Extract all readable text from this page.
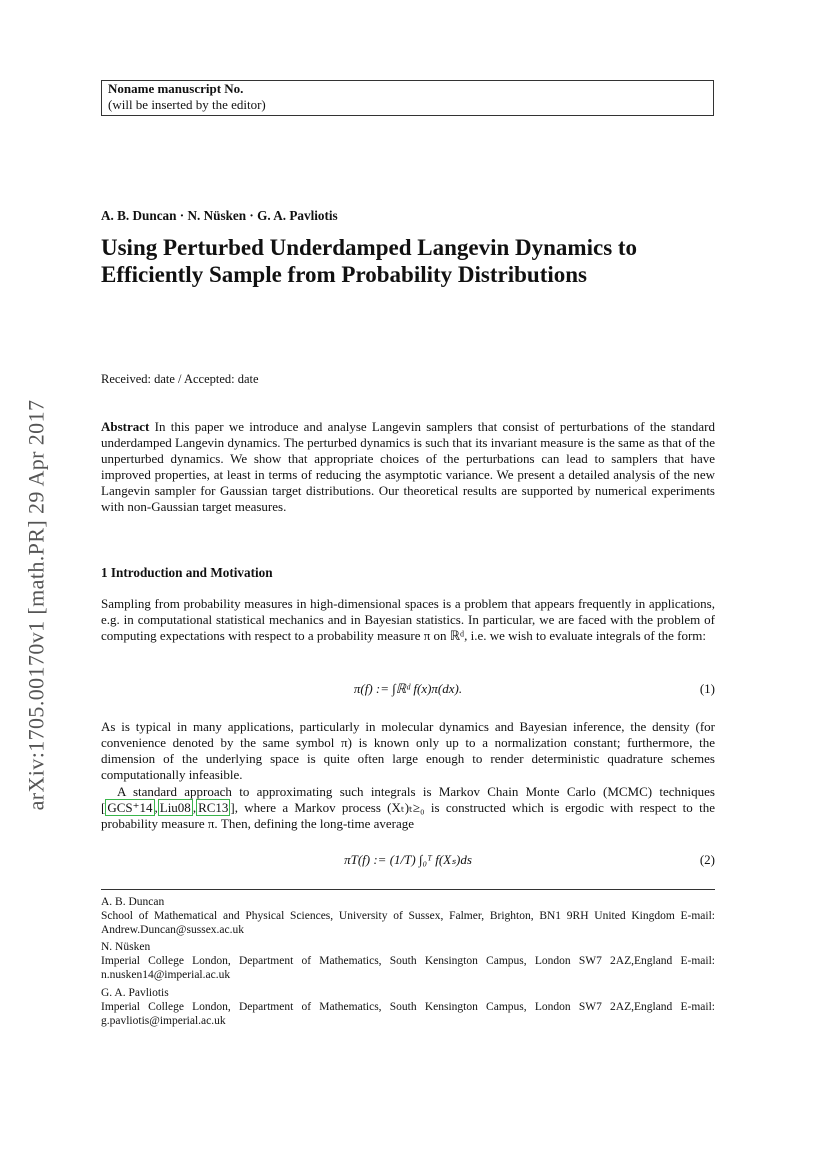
arXiv:1705.00170v1 [math.PR] 29 Apr 2017
Noname manuscript No.
(will be inserted by the editor)
A. B. Duncan · N. Nüsken · G. A. Pavliotis
Using Perturbed Underdamped Langevin Dynamics to Efficiently Sample from Probability Distributions
Received: date / Accepted: date
Abstract In this paper we introduce and analyse Langevin samplers that consist of perturbations of the standard underdamped Langevin dynamics. The perturbed dynamics is such that its invariant measure is the same as that of the unperturbed dynamics. We show that appropriate choices of the perturbations can lead to samplers that have improved properties, at least in terms of reducing the asymptotic variance. We present a detailed analysis of the new Langevin sampler for Gaussian target distributions. Our theoretical results are supported by numerical experiments with non-Gaussian target measures.
1 Introduction and Motivation
Sampling from probability measures in high-dimensional spaces is a problem that appears frequently in applications, e.g. in computational statistical mechanics and in Bayesian statistics. In particular, we are faced with the problem of computing expectations with respect to a probability measure π on ℝᵈ, i.e. we wish to evaluate integrals of the form:
π(f) := ∫ℝᵈ f(x)π(dx).	(1)
As is typical in many applications, particularly in molecular dynamics and Bayesian inference, the density (for convenience denoted by the same symbol π) is known only up to a normalization constant; furthermore, the dimension of the underlying space is quite often large enough to render deterministic quadrature schemes computationally infeasible.
A standard approach to approximating such integrals is Markov Chain Monte Carlo (MCMC) techniques [ GCS⁺14 , Liu08 , RC13 ], where a Markov process (Xₜ)ₜ≥₀ is constructed which is ergodic with respect to the probability measure π. Then, defining the long-time average
πT(f) := (1/T) ∫₀ᵀ f(Xₛ)ds	(2)
A. B. Duncan
School of Mathematical and Physical Sciences, University of Sussex, Falmer, Brighton, BN1 9RH United Kingdom E-mail: Andrew.Duncan@sussex.ac.uk
N. Nüsken
Imperial College London, Department of Mathematics, South Kensington Campus, London SW7 2AZ,England E-mail: n.nusken14@imperial.ac.uk
G. A. Pavliotis
Imperial College London, Department of Mathematics, South Kensington Campus, London SW7 2AZ,England E-mail: g.pavliotis@imperial.ac.uk
